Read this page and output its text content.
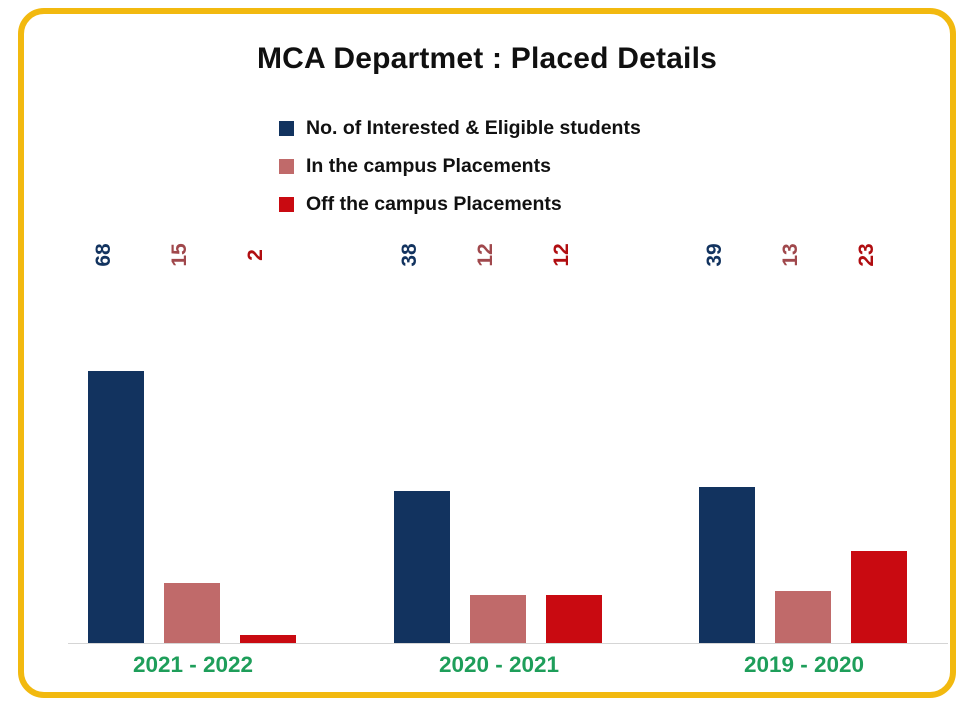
MCA Departmet : Placed Details
No. of Interested & Eligible students
In the campus Placements
Off the campus Placements
68	15	2	38	12	12	39	13	23
2021 - 2022	2020 - 2021	2019 - 2020
